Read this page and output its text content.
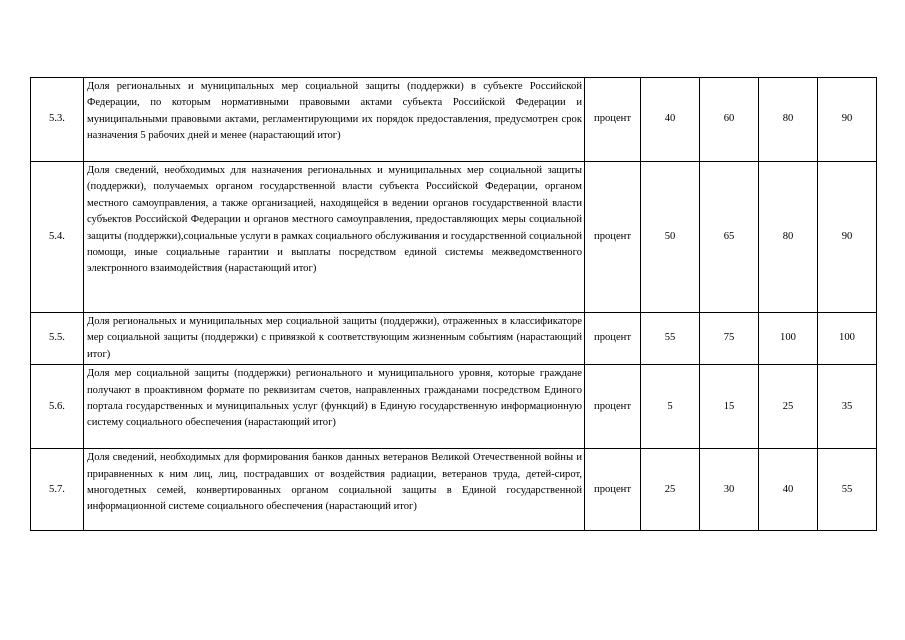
5.3.	Доля региональных и муниципальных мер социальной защиты (поддержки) в субъекте Российской Федерации, по которым нормативными правовыми актами субъекта Российской Федерации и муниципальными правовыми актами, регламентирующими их порядок предоставления, предусмотрен срок назначения 5 рабочих дней и менее (нарастающий итог)	процент	40	60	80	90
5.4.	Доля сведений, необходимых для назначения региональных и муниципальных мер социальной защиты (поддержки), получаемых органом государственной власти субъекта Российской Федерации, органом местного самоуправления, а также организацией, находящейся в ведении органов государственной власти субъектов Российской Федерации и органов местного самоуправления, предоставляющих меры социальной защиты (поддержки),социальные услуги в рамках социального обслуживания и государственной социальной помощи, иные социальные гарантии и выплаты посредством единой системы межведомственного электронного взаимодействия (нарастающий итог)	процент	50	65	80	90
5.5.	Доля региональных и муниципальных мер социальной защиты (поддержки), отраженных в классификаторе мер социальной защиты (поддержки) с привязкой к соответствующим жизненным событиям (нарастающий итог)	процент	55	75	100	100
5.6.	Доля мер социальной защиты (поддержки) регионального и муниципального уровня, которые граждане получают в проактивном формате по реквизитам счетов, направленных гражданами посредством Единого портала государственных и муниципальных услуг (функций) в Единую государственную информационную систему социального обеспечения (нарастающий итог)	процент	5	15	25	35
5.7.	Доля сведений, необходимых для формирования банков данных ветеранов Великой Отечественной войны и приравненных к ним лиц, лиц, пострадавших от воздействия радиации, ветеранов труда, детей-сирот, многодетных семей, конвертированных органом социальной защиты в Единой государственной информационной системе социального обеспечения (нарастающий итог)	процент	25	30	40	55
